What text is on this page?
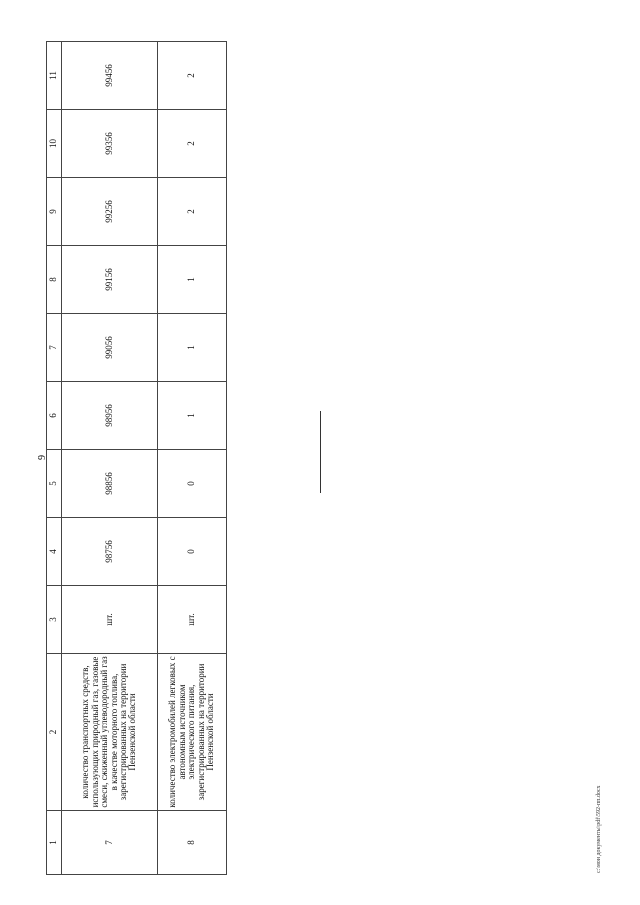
9
1	2	3	4	5	6	7	8	9	10	11
7	количество транспортных средств, использующих природный газ, газовые смеси, сжиженный углеводородный газ в качестве моторного топлива, зарегистрированных на территории Пензенской области	шт.	98756	98856	98956	99056	99156	99256	99356	99456
8	количество электромобилей легковых с автономным источником электрического питания, зарегистрированных на территории Пензенской области	шт.	0	0	1	1	1	2	2	2
c:\мои документы\pdf\592-пп.docx
